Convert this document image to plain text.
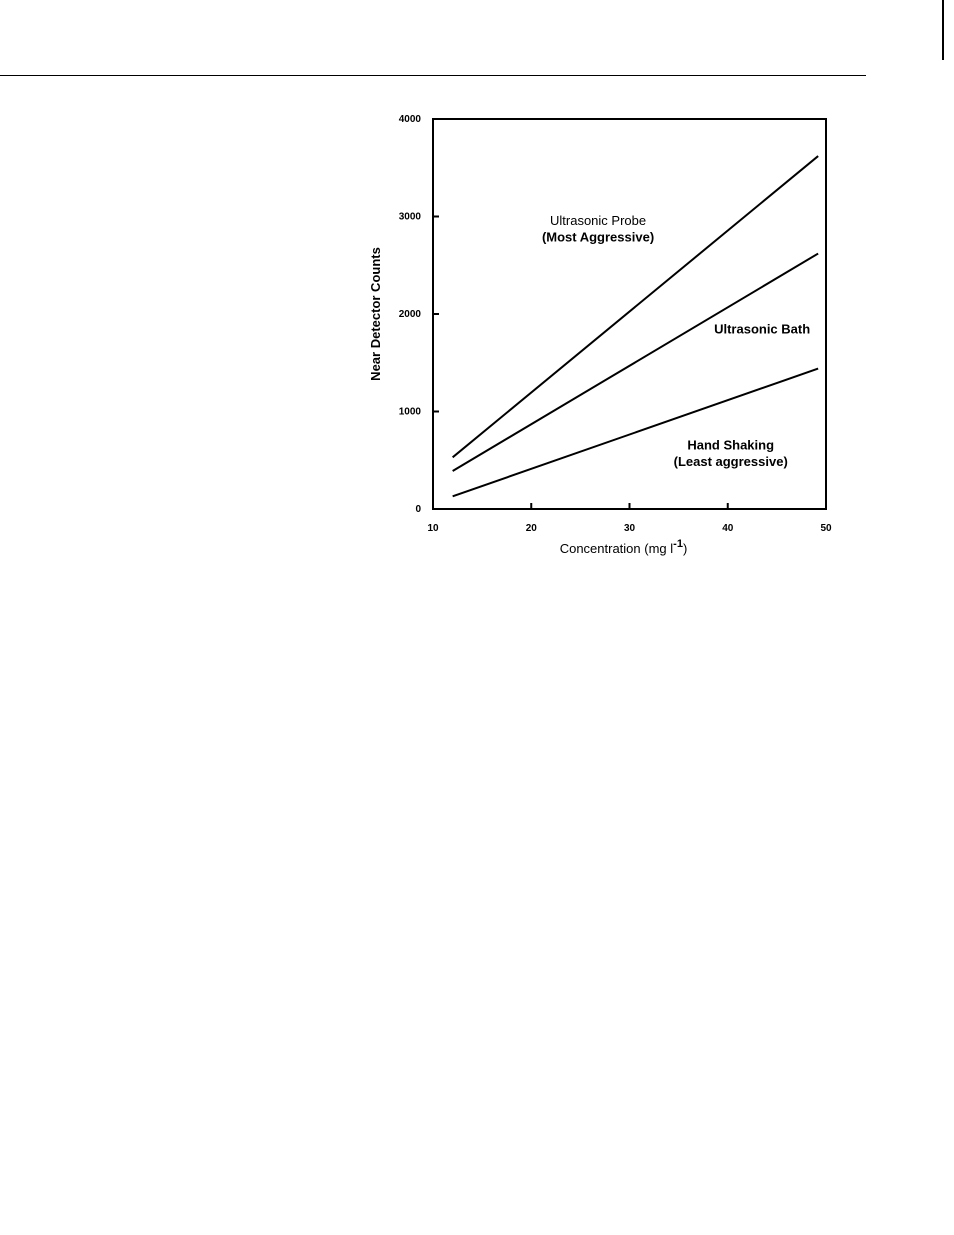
0
1000
2000
3000
4000
10	20	30	40	50
Ultrasonic Probe
(Most Aggressive)
Ultrasonic Bath
Hand Shaking
(Least aggressive)
Near Detector Counts
Concentration (mg $l^{-1}$)
